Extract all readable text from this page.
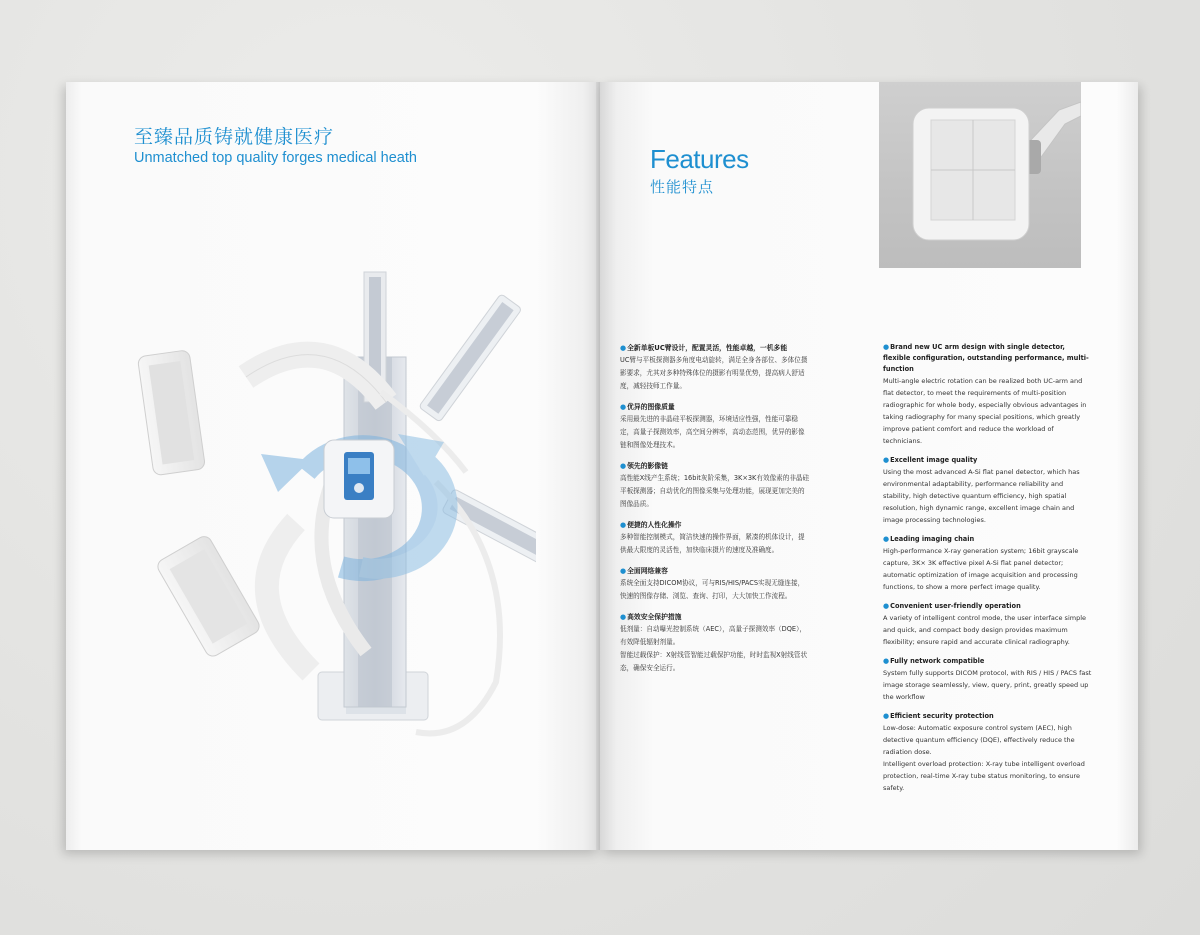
至臻品质铸就健康医疗
Unmatched top quality forges medical heath	Features
性能特点
●全新单板UC臂设计，配置灵活，性能卓越，一机多能
UC臂与平板探测器多角度电动旋转，满足全身各部位、多体位摄影要求，尤其对多种特殊体位的摄影有明显优势，提高病人舒适度，减轻技师工作量。
●优异的图像质量
采用最先进的非晶硅平板探测器，环境适应性强，性能可靠稳定，高量子探测效率，高空间分辨率，高动态范围，优异的影像链和图像处理技术。
●领先的影像链
高性能X线产生系统；16bit灰阶采集，3K×3K有效像素的非晶硅平板探测器；自动优化的图像采集与处理功能，展现更加完美的图像品质。
●便捷的人性化操作
多种智能控制模式，简洁快速的操作界面，紧凑的机体设计，提供最大限度的灵活性，加快临床摄片的速度及准确度。
●全面网络兼容
系统全面支持DICOM协议，可与RIS/HIS/PACS实现无缝连接，快速的图像存储、浏览、查询、打印，大大加快工作流程。
●高效安全保护措施
低剂量：自动曝光控制系统（AEC），高量子探测效率（DQE），有效降低辐射剂量。
智能过载保护：X射线管智能过载保护功能，时时监视X射线管状态，确保安全运行。
●Brand new UC arm design with single detector, flexible configuration, outstanding performance, multi-function
Multi-angle electric rotation can be realized both UC-arm and flat detector, to meet the requirements of multi-position radiographic for whole body, especially obvious advantages in taking radiography for many special positions, which greatly improve patient comfort and reduce the workload of technicians.
●Excellent image quality
Using the most advanced A-Si flat panel detector, which has environmental adaptability, performance reliability and stability, high detective quantum efficiency, high spatial resolution, high dynamic range, excellent image chain and image processing technologies.
●Leading imaging chain
High-performance X-ray generation system; 16bit grayscale capture, 3K× 3K effective pixel A-Si flat panel detector; automatic optimization of image acquisition and processing functions, to show a more perfect image quality.
●Convenient user-friendly operation
A variety of intelligent control mode, the user interface simple and quick, and compact body design provides maximum flexibility; ensure rapid and accurate clinical radiography.
●Fully network compatible
System fully supports DICOM protocol, with RIS / HIS / PACS fast image storage seamlessly, view, query, print, greatly speed up the workflow
●Efficient security protection
Low-dose: Automatic exposure control system (AEC), high detective quantum efficiency (DQE), effectively reduce the radiation dose.
Intelligent overload protection: X-ray tube intelligent overload protection, real-time X-ray tube status monitoring, to ensure safety.
